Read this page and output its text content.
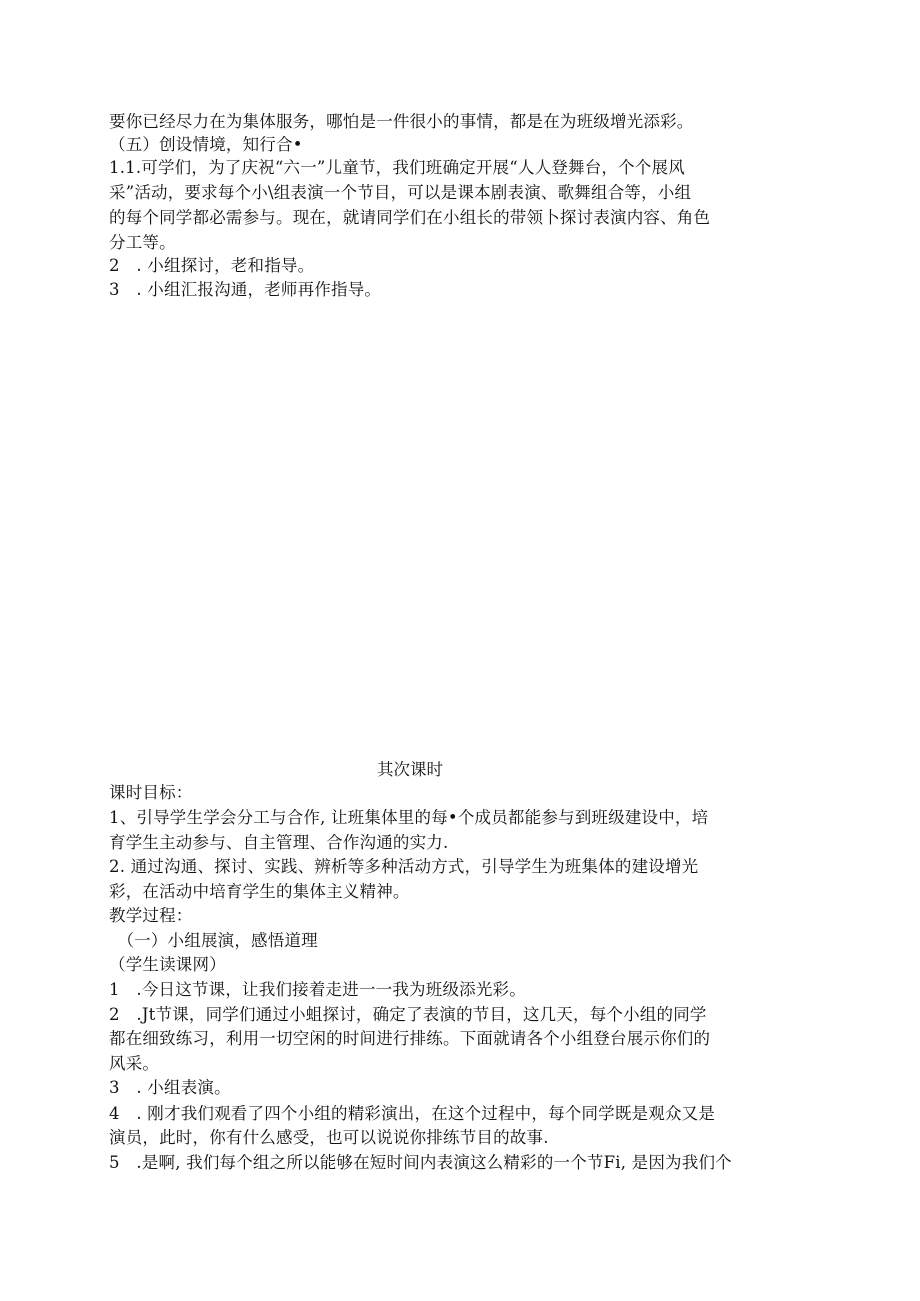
要你已经尽力在为集体服务，哪怕是一件很小的事情，都是在为班级增光添彩。
（五）创设情境，知行合•
1.1.可学们，为了庆祝“六一”儿童节，我们班确定开展“人人登舞台，个个展风
采”活动，要求每个小\组表演一个节目，可以是课本剧表演、歌舞组合等，小组
的每个同学都必需参与。现在，就请同学们在小组长的带领卜探讨表演内容、角色
分工等。
2　. 小组探讨，老和指导。
3　. 小组汇报沟通，老师再作指导。
其次课时
课时目标：
1、引导学生学会分工与合作, 让班集体里的每•个成员都能参与到班级建设中，培
育学生主动参与、自主管理、合作沟通的实力.
2. 通过沟通、探讨、实践、辨析等多种活动方式，引导学生为班集体的建设增光
彩，在活动中培育学生的集体主义精神。
教学过程：
　（一）小组展演，感悟道理
（学生读课网）
1　.今日这节课，让我们接着走进一一我为班级添光彩。
2　.Jt节课，同学们通过小蛆探讨，确定了表演的节目，这几天，每个小组的同学
都在细致练习，利用一切空闲的时间进行排练。下面就请各个小组登台展示你们的
风采。
3　. 小组表演。
4　. 刚才我们观看了四个小组的精彩演出，在这个过程中，每个同学既是观众又是
演员，此时，你有什么感受，也可以说说你排练节目的故事.
5　.是啊, 我们每个组之所以能够在短时间内表演这么精彩的一个节Fi, 是因为我们个
